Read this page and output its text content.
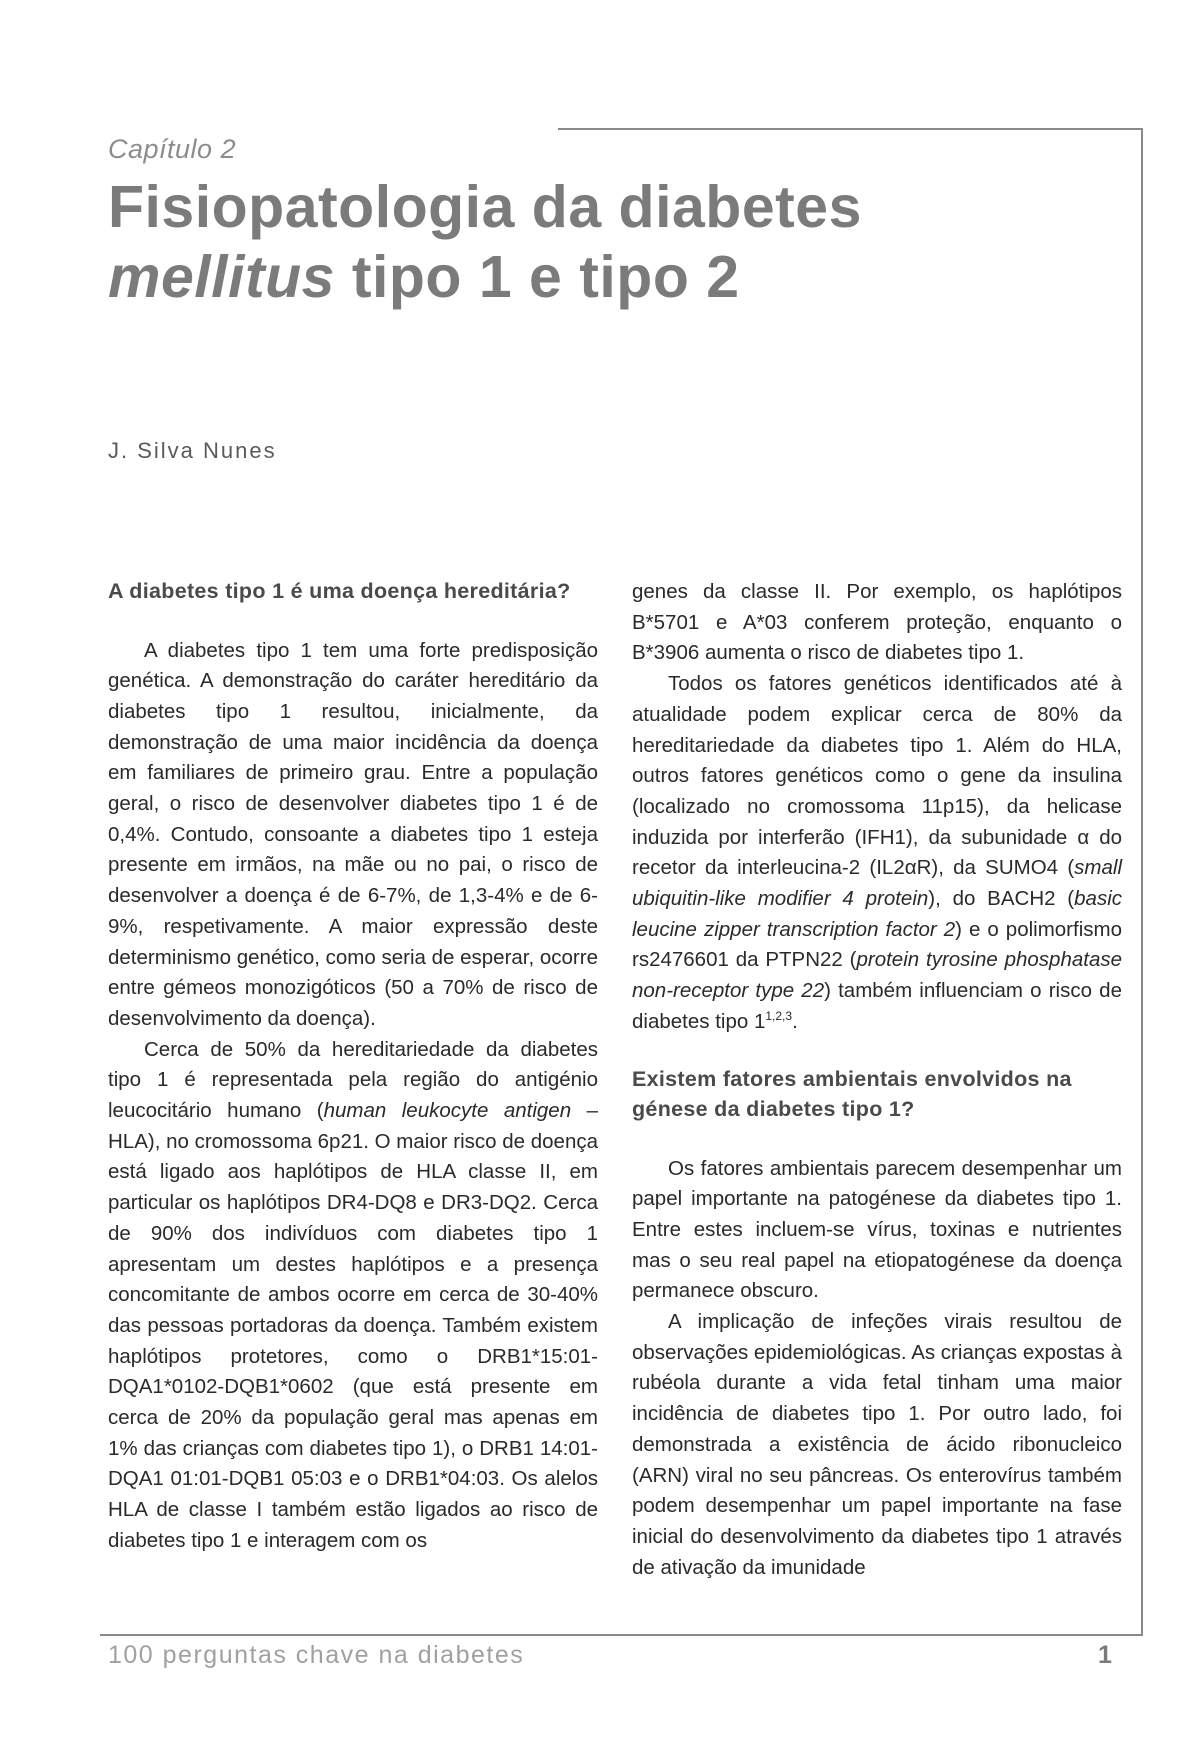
Capítulo 2
Fisiopatologia da diabetes
mellitus tipo 1 e tipo 2
J. Silva Nunes
A diabetes tipo 1 é uma doença hereditária?

A diabetes tipo 1 tem uma forte predisposição genética. A demonstração do caráter hereditário da diabetes tipo 1 resultou, inicialmente, da demonstração de uma maior incidência da doença em familiares de primeiro grau. Entre a população geral, o risco de desenvolver diabetes tipo 1 é de 0,4%. Contudo, consoante a diabetes tipo 1 esteja presente em irmãos, na mãe ou no pai, o risco de desenvolver a doença é de 6-7%, de 1,3-4% e de 6-9%, respetivamente. A maior expressão deste determinismo genético, como seria de esperar, ocorre entre gémeos monozigóticos (50 a 70% de risco de desenvolvimento da doença).

Cerca de 50% da hereditariedade da diabetes tipo 1 é representada pela região do antigénio leucocitário humano (human leukocyte antigen – HLA), no cromossoma 6p21. O maior risco de doença está ligado aos haplótipos de HLA classe II, em particular os haplótipos DR4-DQ8 e DR3-DQ2. Cerca de 90% dos indivíduos com diabetes tipo 1 apresentam um destes haplótipos e a presença concomitante de ambos ocorre em cerca de 30-40% das pessoas portadoras da doença. Também existem haplótipos protetores, como o DRB1*15:01-DQA1*0102-DQB1*0602 (que está presente em cerca de 20% da população geral mas apenas em 1% das crianças com diabetes tipo 1), o DRB1 14:01-DQA1 01:01-DQB1 05:03 e o DRB1*04:03. Os alelos HLA de classe I também estão ligados ao risco de diabetes tipo 1 e interagem com os

genes da classe II. Por exemplo, os haplótipos B*5701 e A*03 conferem proteção, enquanto o B*3906 aumenta o risco de diabetes tipo 1.

Todos os fatores genéticos identificados até à atualidade podem explicar cerca de 80% da hereditariedade da diabetes tipo 1. Além do HLA, outros fatores genéticos como o gene da insulina (localizado no cromossoma 11p15), da helicase induzida por interferão (IFH1), da subunidade α do recetor da interleucina-2 (IL2αR), da SUMO4 (small ubiquitin-like modifier 4 protein), do BACH2 (basic leucine zipper transcription factor 2) e o polimorfismo rs2476601 da PTPN22 (protein tyrosine phosphatase non-receptor type 22) também influenciam o risco de diabetes tipo 1$^{1,2,3}$.

Existem fatores ambientais envolvidos na génese da diabetes tipo 1?

Os fatores ambientais parecem desempenhar um papel importante na patogénese da diabetes tipo 1. Entre estes incluem-se vírus, toxinas e nutrientes mas o seu real papel na etiopatogénese da doença permanece obscuro.

A implicação de infeções virais resultou de observações epidemiológicas. As crianças expostas à rubéola durante a vida fetal tinham uma maior incidência de diabetes tipo 1. Por outro lado, foi demonstrada a existência de ácido ribonucleico (ARN) viral no seu pâncreas. Os enterovírus também podem desempenhar um papel importante na fase inicial do desenvolvimento da diabetes tipo 1 através de ativação da imunidade

100 perguntas chave na diabetes	1
